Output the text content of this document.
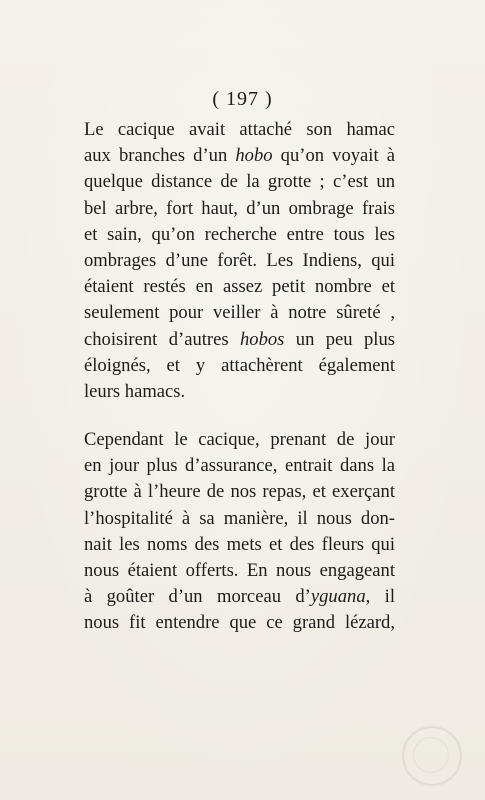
( 197 )
Le cacique avait attaché son hamac
aux branches d’un hobo qu’on voyait à
quelque distance de la grotte ; c’est un
bel arbre, fort haut, d’un ombrage frais
et sain, qu’on recherche entre tous les
ombrages d’une forêt. Les Indiens, qui
étaient restés en assez petit nombre et
seulement pour veiller à notre sûreté ,
choisirent d’autres hobos un peu plus
éloignés, et y attachèrent également
leurs hamacs.
Cependant le cacique, prenant de jour
en jour plus d’assurance, entrait dans la
grotte à l’heure de nos repas, et exerçant
l’hospitalité à sa manière, il nous don-
nait les noms des mets et des fleurs qui
nous étaient offerts. En nous engageant
à goûter d’un morceau d’yguana, il
nous fit entendre que ce grand lézard,
